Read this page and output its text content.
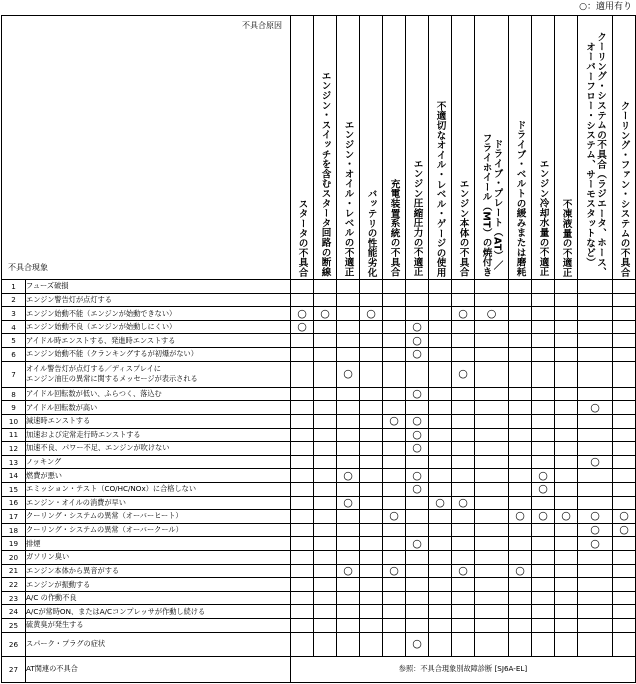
○：適用有り
不具合原因
不具合現象		スタータの不具合	エンジン・スイッチを含むスタータ回路の断線	エンジン・オイル・レベルの不適正	バッテリの性能劣化	充電装置系統の不具合	エンジン圧縮圧力の不適正	不適切なオイル・レベル・ゲージの使用	エンジン本体の不具合	ドライブ・プレート（AT）／
フライホイール（MT）の焼付き	ドライブ・ベルトの緩みまたは磨耗	エンジン冷却水量の不適正	不凍液量の不適正	クーリング・システムの不具合（ラジエータ、ホース、
オーバーフロー・システム、サーモスタットなど）	クーリング・ファン・システムの不具合
1	フューズ破損														
2	エンジン警告灯が点灯する														
3	エンジン始動不能（エンジンが始動できない）	○	○		○				○	○					
4	エンジン始動不良（エンジンが始動しにくい）	○					○								
5	アイドル時エンストする、発進時エンストする						○								
6	エンジン始動不能（クランキングするが初爆がない）						○								
7	オイル警告灯が点灯する／ディスプレイに
エンジン油圧の異常に関するメッセージが表示される			○					○						
8	アイドル回転数が低い、ふらつく、落込む						○								
9	アイドル回転数が高い													○	
10	減速時エンストする					○	○								
11	加速および定常走行時エンストする						○								
12	加速不良、パワー不足、エンジンが吹けない						○								
13	ノッキング													○	
14	燃費が悪い			○			○					○			
15	エミッション・テスト（CO/HC/NOx）に合格しない						○					○			
16	エンジン・オイルの消費が早い			○				○	○						
17	クーリング・システムの異常（オーバーヒート）					○					○	○	○	○	○
18	クーリング・システムの異常（オーバークール）													○	○
19	排煙						○							○	
20	ガソリン臭い														
21	エンジン本体から異音がする			○		○			○		○				
22	エンジンが振動する														
23	A/C の作動不良														
24	A/Cが常時ON、またはA/Cコンプレッサが作動し続ける														
25	硫黄臭が発生する														
26	スパーク・プラグの症状						○								
27	AT関連の不具合	参照：不具合現象別故障診断 [SJ6A-EL]													
